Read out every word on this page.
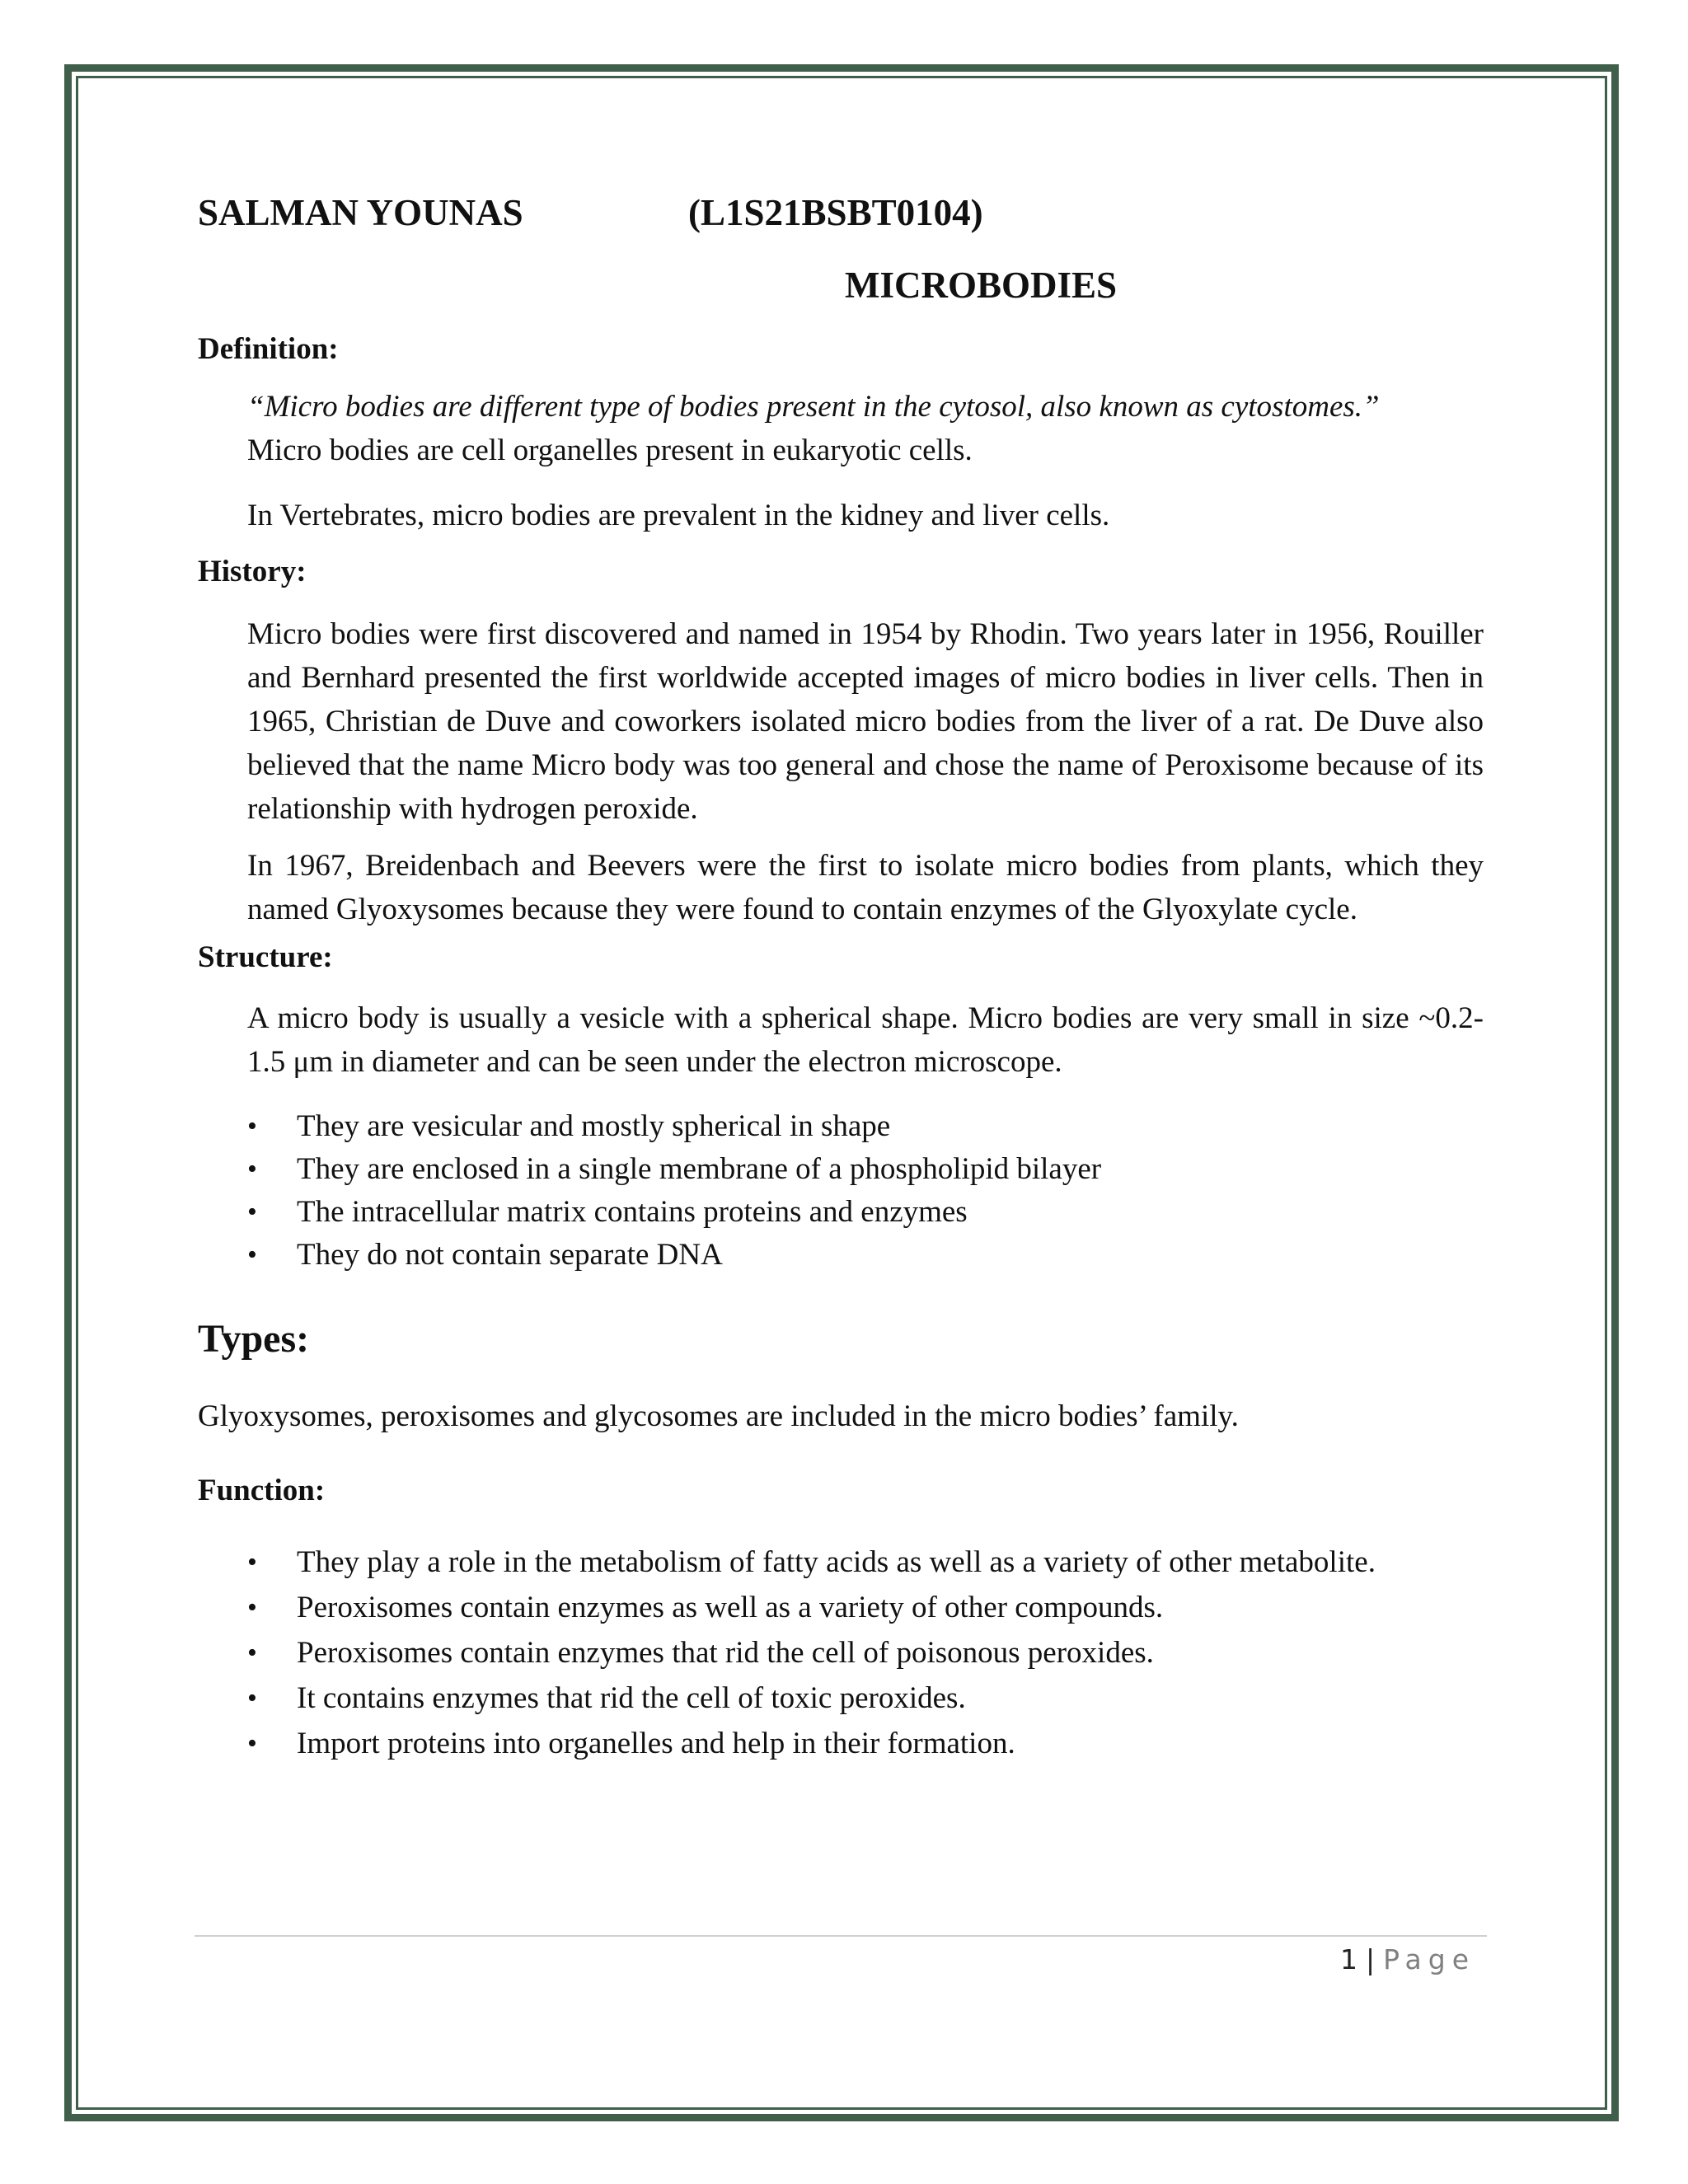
SALMAN YOUNAS	(L1S21BSBT0104)
MICROBODIES
Definition:
“Micro bodies are different type of bodies present in the cytosol, also known as cytostomes.”
Micro bodies are cell organelles present in eukaryotic cells.
In Vertebrates, micro bodies are prevalent in the kidney and liver cells.
History:
Micro bodies were first discovered and named in 1954 by Rhodin. Two years later in 1956, Rouiller and Bernhard presented the first worldwide accepted images of micro bodies in liver cells. Then in 1965, Christian de Duve and coworkers isolated micro bodies from the liver of a rat. De Duve also believed that the name Micro body was too general and chose the name of Peroxisome because of its relationship with hydrogen peroxide.
In 1967, Breidenbach and Beevers were the first to isolate micro bodies from plants, which they named Glyoxysomes because they were found to contain enzymes of the Glyoxylate cycle.
Structure:
A micro body is usually a vesicle with a spherical shape. Micro bodies are very small in size ~0.2-1.5 μm in diameter and can be seen under the electron microscope.
• They are vesicular and mostly spherical in shape
• They are enclosed in a single membrane of a phospholipid bilayer
• The intracellular matrix contains proteins and enzymes
• They do not contain separate DNA
Types:
Glyoxysomes, peroxisomes and glycosomes are included in the micro bodies’ family.
Function:
• They play a role in the metabolism of fatty acids as well as a variety of other metabolite.
• Peroxisomes contain enzymes as well as a variety of other compounds.
• Peroxisomes contain enzymes that rid the cell of poisonous peroxides.
• It contains enzymes that rid the cell of toxic peroxides.
• Import proteins into organelles and help in their formation.
1 | Page
